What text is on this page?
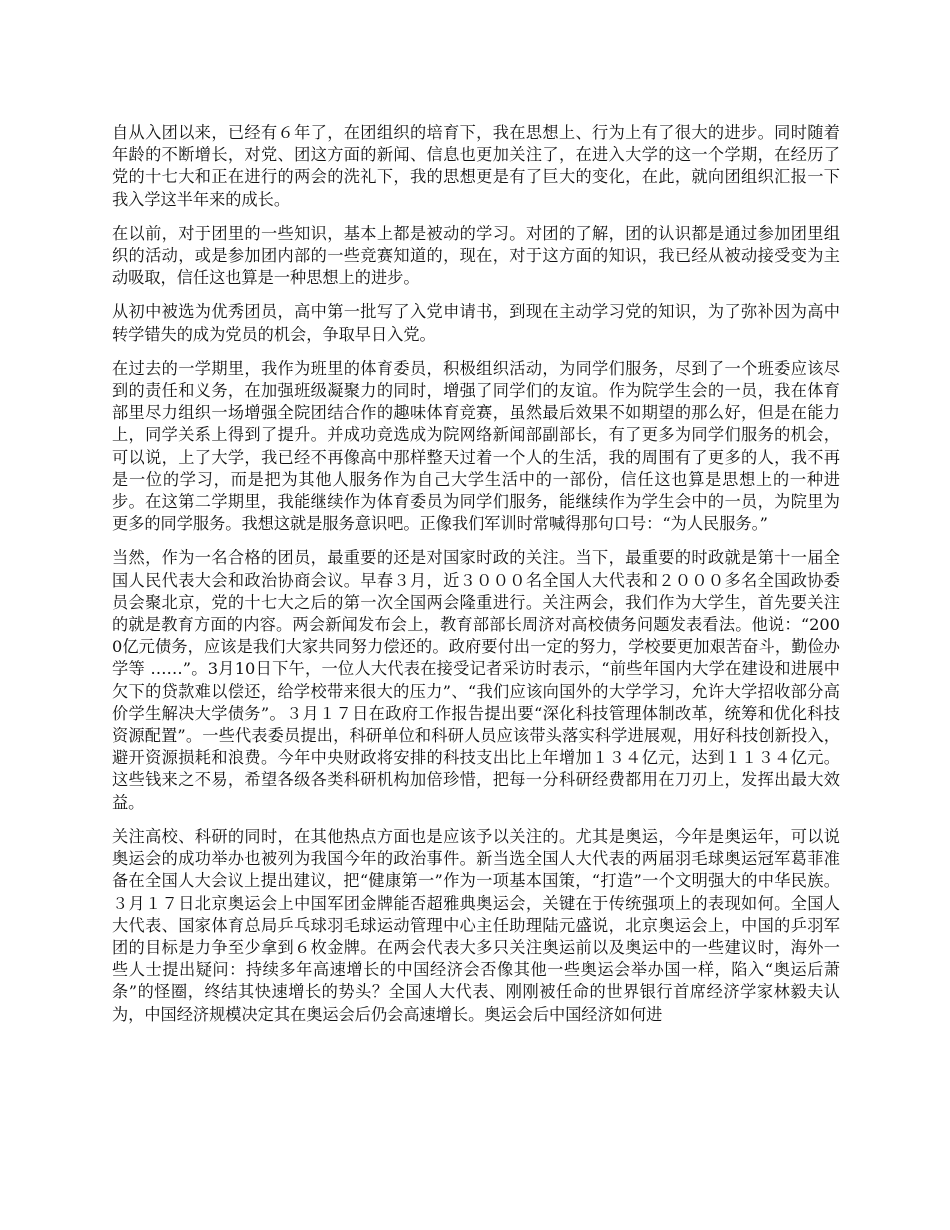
自从入团以来，已经有６年了，在团组织的培育下，我在思想上、行为上有了很大的进步。同时随着年龄的不断增长，对党、团这方面的新闻、信息也更加关注了，在进入大学的这一个学期，在经历了党的十七大和正在进行的两会的洗礼下，我的思想更是有了巨大的变化，在此，就向团组织汇报一下我入学这半年来的成长。

在以前，对于团里的一些知识，基本上都是被动的学习。对团的了解，团的认识都是通过参加团里组织的活动，或是参加团内部的一些竞赛知道的，现在，对于这方面的知识，我已经从被动接受变为主动吸取，信任这也算是一种思想上的进步。

从初中被选为优秀团员，高中第一批写了入党申请书，到现在主动学习党的知识，为了弥补因为高中转学错失的成为党员的机会，争取早日入党。

在过去的一学期里，我作为班里的体育委员，积极组织活动，为同学们服务，尽到了一个班委应该尽到的责任和义务，在加强班级凝聚力的同时，增强了同学们的友谊。作为院学生会的一员，我在体育部里尽力组织一场增强全院团结合作的趣味体育竞赛，虽然最后效果不如期望的那么好，但是在能力上，同学关系上得到了提升。并成功竞选成为院网络新闻部副部长，有了更多为同学们服务的机会，可以说，上了大学，我已经不再像高中那样整天过着一个人的生活，我的周围有了更多的人，我不再是一位的学习，而是把为其他人服务作为自己大学生活中的一部份，信任这也算是思想上的一种进步。在这第二学期里，我能继续作为体育委员为同学们服务，能继续作为学生会中的一员，为院里为更多的同学服务。我想这就是服务意识吧。正像我们军训时常喊得那句口号：“为人民服务。”

当然，作为一名合格的团员，最重要的还是对国家时政的关注。当下，最重要的时政就是第十一届全国人民代表大会和政治协商会议。早春３月，近３０００名全国人大代表和２０００多名全国政协委员会聚北京，党的十七大之后的第一次全国两会隆重进行。关注两会，我们作为大学生，首先要关注的就是教育方面的内容。两会新闻发布会上，教育部部长周济对高校债务问题发表看法。他说：“2000亿元债务，应该是我们大家共同努力偿还的。政府要付出一定的努力，学校要更加艰苦奋斗，勤俭办学等 ……”。3月10日下午，一位人大代表在接受记者采访时表示，“前些年国内大学在建设和进展中欠下的贷款难以偿还，给学校带来很大的压力”、“我们应该向国外的大学学习，允许大学招收部分高价学生解决大学债务”。３月１７日在政府工作报告提出要“深化科技管理体制改革，统筹和优化科技资源配置”。一些代表委员提出，科研单位和科研人员应该带头落实科学进展观，用好科技创新投入，避开资源损耗和浪费。今年中央财政将安排的科技支出比上年增加１３４亿元，达到１１３４亿元。这些钱来之不易，希望各级各类科研机构加倍珍惜，把每一分科研经费都用在刀刃上，发挥出最大效益。

关注高校、科研的同时，在其他热点方面也是应该予以关注的。尤其是奥运，今年是奥运年，可以说奥运会的成功举办也被列为我国今年的政治事件。新当选全国人大代表的两届羽毛球奥运冠军葛菲准备在全国人大会议上提出建议，把“健康第一”作为一项基本国策，“打造”一个文明强大的中华民族。３月１７日北京奥运会上中国军团金牌能否超雅典奥运会，关键在于传统强项上的表现如何。全国人大代表、国家体育总局乒乓球羽毛球运动管理中心主任助理陆元盛说，北京奥运会上，中国的乒羽军团的目标是力争至少拿到６枚金牌。在两会代表大多只关注奥运前以及奥运中的一些建议时，海外一些人士提出疑问：持续多年高速增长的中国经济会否像其他一些奥运会举办国一样，陷入“奥运后萧条”的怪圈，终结其快速增长的势头？全国人大代表、刚刚被任命的世界银行首席经济学家林毅夫认为，中国经济规模决定其在奥运会后仍会高速增长。奥运会后中国经济如何进
